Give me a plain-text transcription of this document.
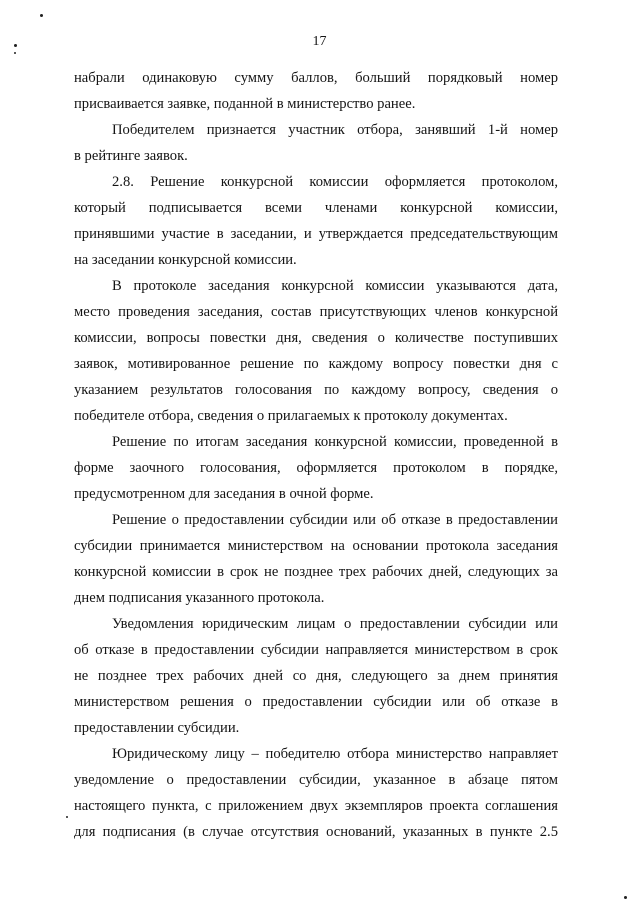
17
набрали одинаковую сумму баллов, больший порядковый номер
присваивается заявке, поданной в министерство ранее.
Победителем признается участник отбора, занявший 1-й номер
в рейтинге заявок.
2.8. Решение конкурсной комиссии оформляется протоколом,
который подписывается всеми членами конкурсной комиссии,
принявшими участие в заседании, и утверждается председательствующим
на заседании конкурсной комиссии.
В протоколе заседания конкурсной комиссии указываются дата,
место проведения заседания, состав присутствующих членов конкурсной
комиссии, вопросы повестки дня, сведения о количестве поступивших
заявок, мотивированное решение по каждому вопросу повестки дня с
указанием результатов голосования по каждому вопросу, сведения о
победителе отбора, сведения о прилагаемых к протоколу документах.
Решение по итогам заседания конкурсной комиссии, проведенной в
форме заочного голосования, оформляется протоколом в порядке,
предусмотренном для заседания в очной форме.
Решение о предоставлении субсидии или об отказе в предоставлении
субсидии принимается министерством на основании протокола заседания
конкурсной комиссии в срок не позднее трех рабочих дней, следующих за
днем подписания указанного протокола.
Уведомления юридическим лицам о предоставлении субсидии или
об отказе в предоставлении субсидии направляется министерством в срок
не позднее трех рабочих дней со дня, следующего за днем принятия
министерством решения о предоставлении субсидии или об отказе в
предоставлении субсидии.
Юридическому лицу – победителю отбора министерство направляет
уведомление о предоставлении субсидии, указанное в абзаце пятом
настоящего пункта, с приложением двух экземпляров проекта соглашения
для подписания (в случае отсутствия оснований, указанных в пункте 2.5
